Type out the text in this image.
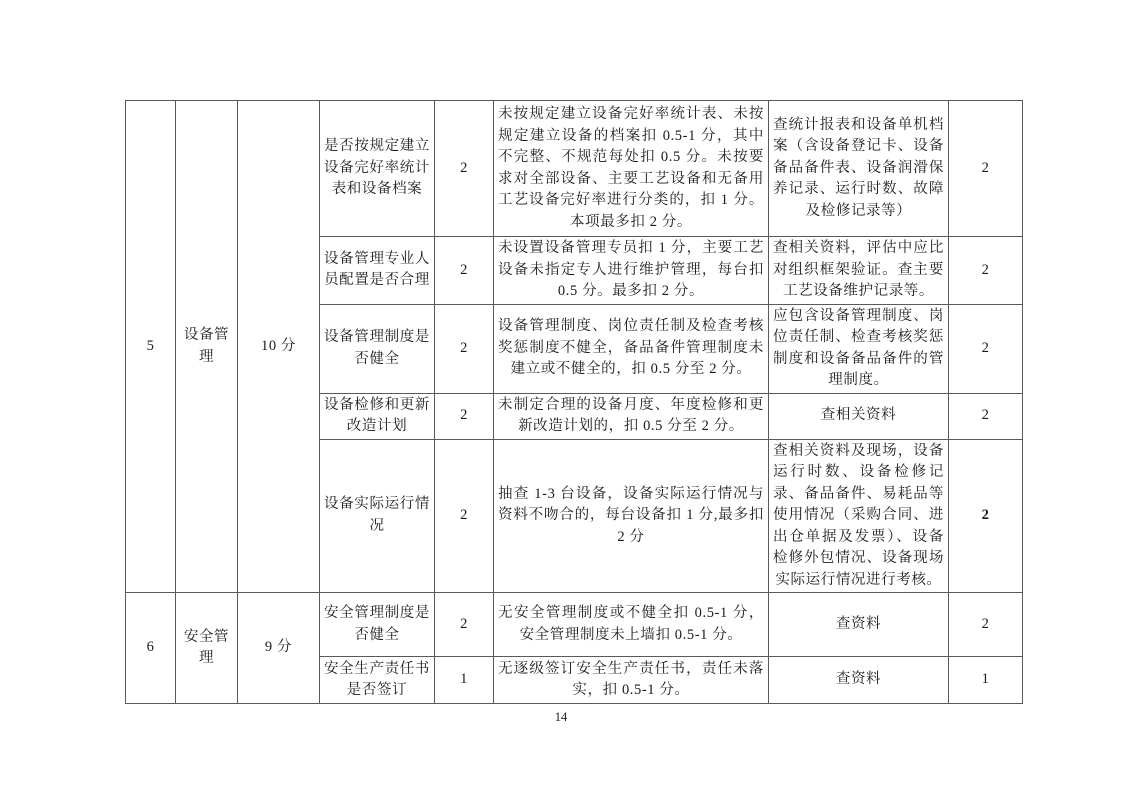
5	设备管理	10 分	是否按规定建立设备完好率统计表和设备档案	2	未按规定建立设备完好率统计表、未按规定建立设备的档案扣 0.5-1 分，其中不完整、不规范每处扣 0.5 分。未按要求对全部设备、主要工艺设备和无备用工艺设备完好率进行分类的，扣 1 分。本项最多扣 2 分。	查统计报表和设备单机档案（含设备登记卡、设备备品备件表、设备润滑保养记录、运行时数、故障及检修记录等）	2
			设备管理专业人员配置是否合理	2	未设置设备管理专员扣 1 分，主要工艺设备未指定专人进行维护管理，每台扣 0.5 分。最多扣 2 分。	查相关资料，评估中应比对组织框架验证。查主要工艺设备维护记录等。	2
			设备管理制度是否健全	2	设备管理制度、岗位责任制及检查考核奖惩制度不健全，备品备件管理制度未建立或不健全的，扣 0.5 分至 2 分。	应包含设备管理制度、岗位责任制、检查考核奖惩制度和设备备品备件的管理制度。	2
			设备检修和更新改造计划	2	未制定合理的设备月度、年度检修和更新改造计划的，扣 0.5 分至 2 分。	查相关资料	2
			设备实际运行情况	2	抽查 1-3 台设备，设备实际运行情况与资料不吻合的，每台设备扣 1 分,最多扣 2 分	查相关资料及现场，设备运行时数、设备检修记录、备品备件、易耗品等使用情况（采购合同、进出仓单据及发票）、设备检修外包情况、设备现场实际运行情况进行考核。	2
6	安全管理	9 分	安全管理制度是否健全	2	无安全管理制度或不健全扣 0.5-1 分，安全管理制度未上墙扣 0.5-1 分。	查资料	2
			安全生产责任书是否签订	1	无逐级签订安全生产责任书，责任未落实，扣 0.5-1 分。	查资料	1
14
